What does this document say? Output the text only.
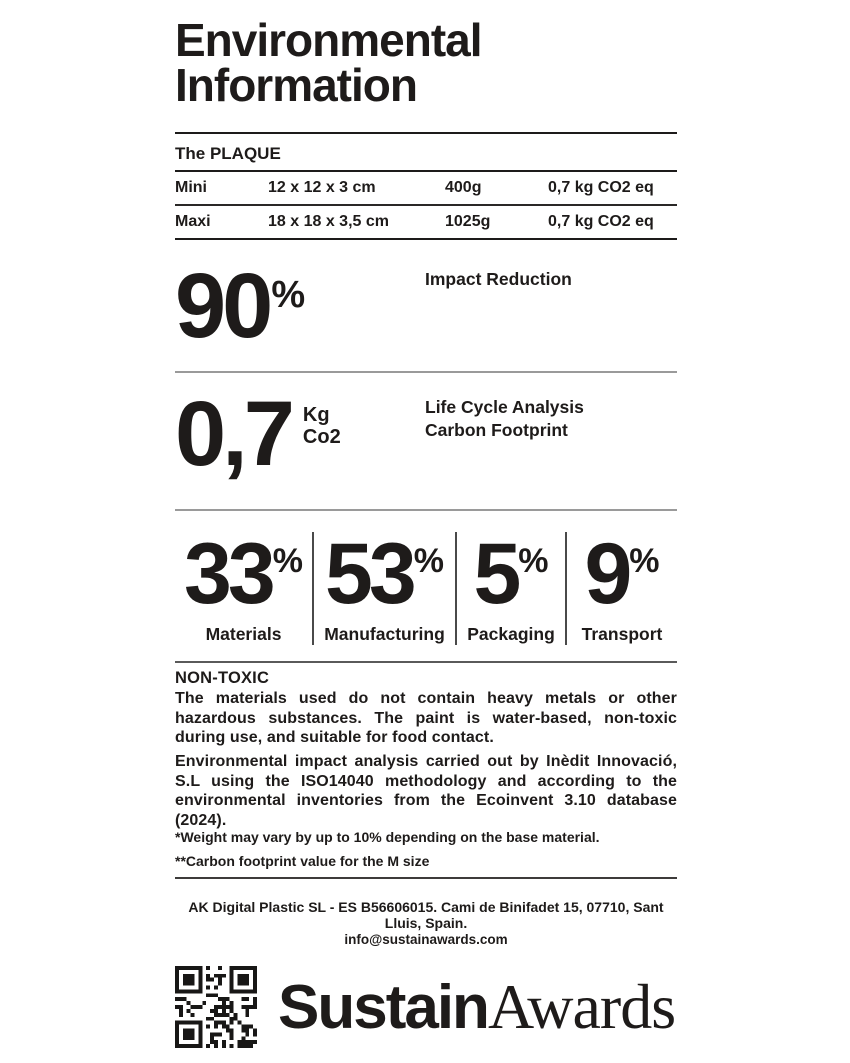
Environmental
Information
The PLAQUE
Mini	12 x 12 x 3 cm	400g	0,7 kg CO2 eq
Maxi	18 x 18 x 3,5 cm	1025g	0,7 kg CO2 eq
90%	Impact Reduction
0,7 Kg
Co2
Life Cycle Analysis
Carbon Footprint
33%
Materials
53%
Manufacturing
5%
Packaging
9%
Transport
NON-TOXIC

The materials used do not contain heavy metals or other hazardous substances. The paint is water-based, non-toxic during use, and suitable for food contact.

Environmental impact analysis carried out by Inèdit Innovació, S.L using the ISO14040 methodology and according to the environmental inventories from the Ecoinvent 3.10 database (2024).

*Weight may vary by up to 10% depending on the base material.
**Carbon footprint value for the M size
AK Digital Plastic SL - ES B56606015. Cami de Binifadet 15, 07710, Sant Lluis, Spain.
info@sustainawards.com
Sustain Awards
